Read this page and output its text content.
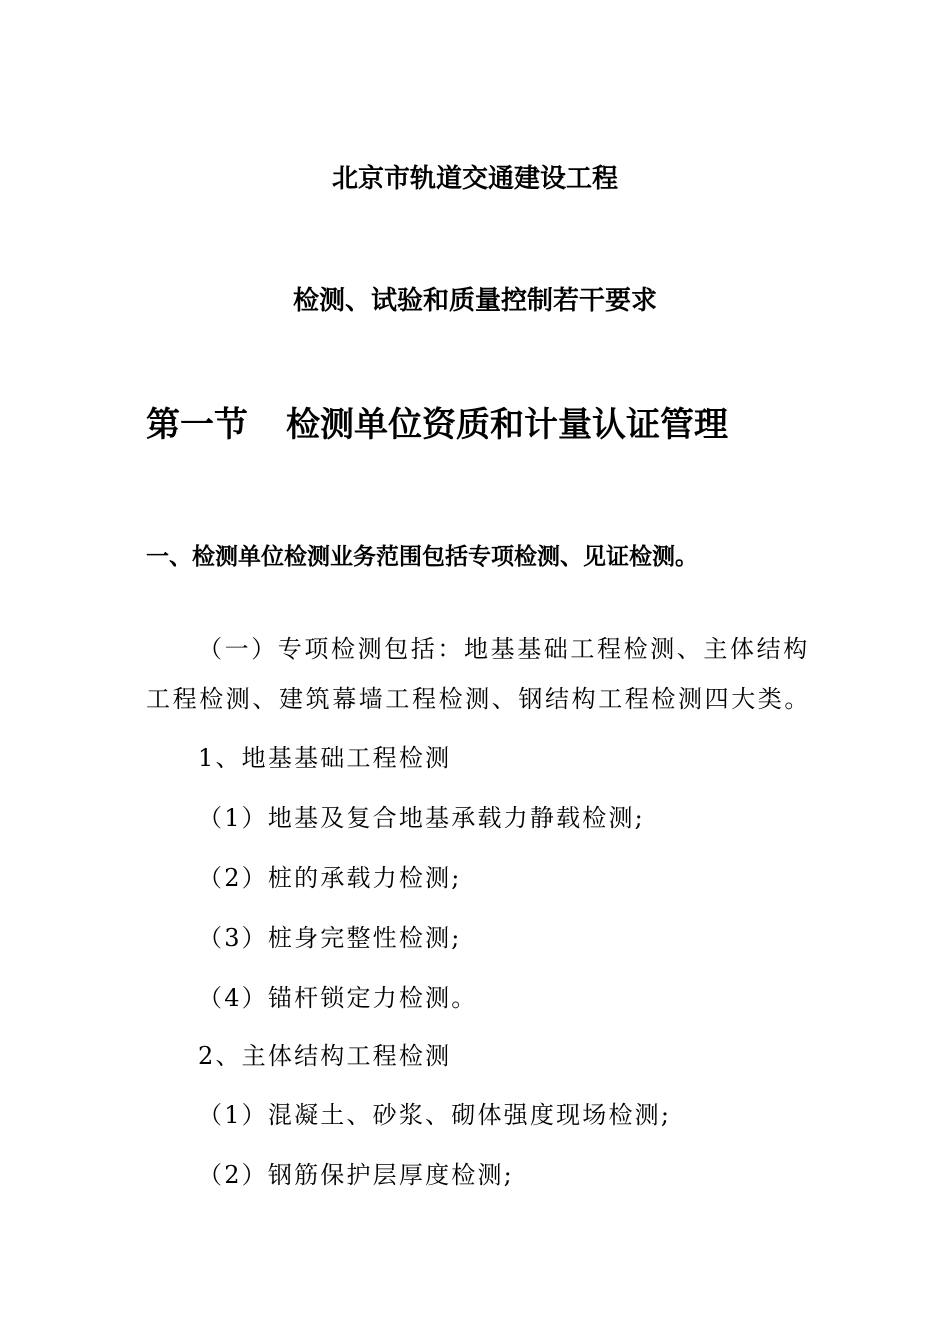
北京市轨道交通建设工程
检测、试验和质量控制若干要求
第一节 检测单位资质和计量认证管理
一、检测单位检测业务范围包括专项检测、见证检测。
（一）专项检测包括：地基基础工程检测、主体结构
工程检测、建筑幕墙工程检测、钢结构工程检测四大类。
1、地基基础工程检测
（1）地基及复合地基承载力静载检测;
（2）桩的承载力检测;
（3）桩身完整性检测;
（4）锚杆锁定力检测。
2、主体结构工程检测
（1）混凝土、砂浆、砌体强度现场检测;
（2）钢筋保护层厚度检测;
